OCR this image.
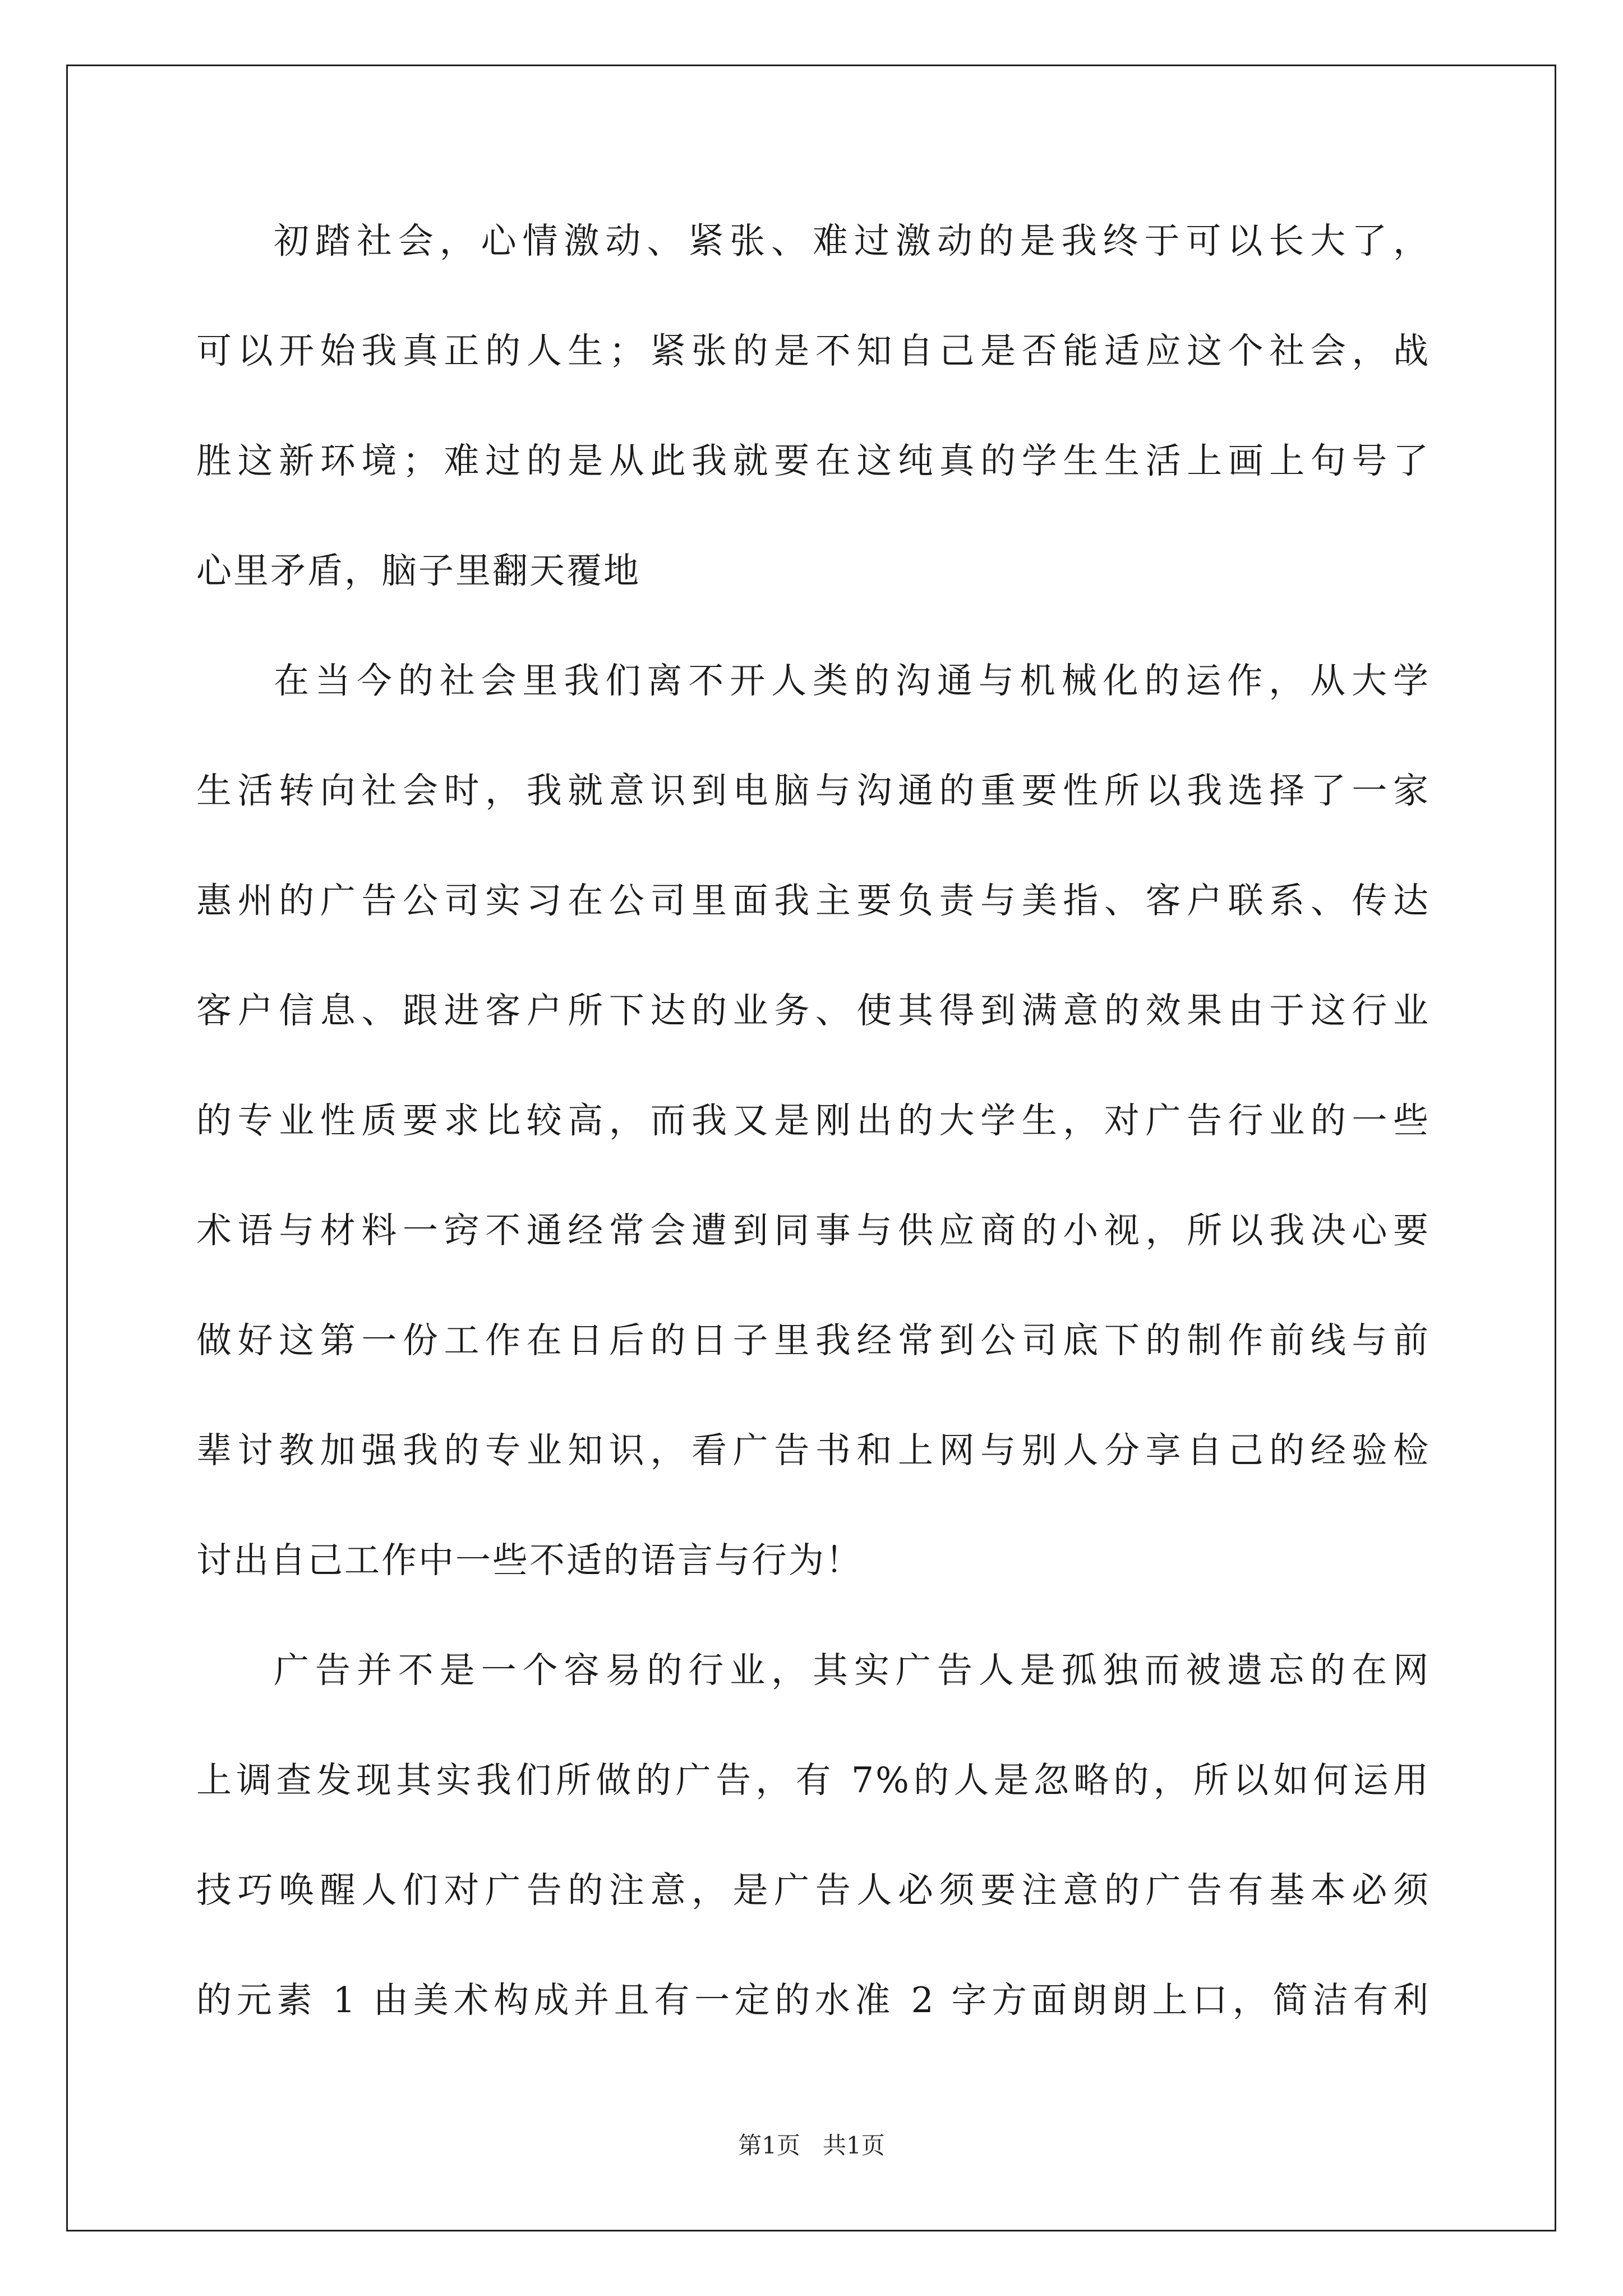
初踏社会，心情激动、紧张、难过激动的是我终于可以长大了，
可以开始我真正的人生；紧张的是不知自己是否能适应这个社会，战
胜这新环境；难过的是从此我就要在这纯真的学生生活上画上句号了
心里矛盾，脑子里翻天覆地
在当今的社会里我们离不开人类的沟通与机械化的运作，从大学
生活转向社会时，我就意识到电脑与沟通的重要性所以我选择了一家
惠州的广告公司实习在公司里面我主要负责与美指、客户联系、传达
客户信息、跟进客户所下达的业务、使其得到满意的效果由于这行业
的专业性质要求比较高，而我又是刚出的大学生，对广告行业的一些
术语与材料一窍不通经常会遭到同事与供应商的小视，所以我决心要
做好这第一份工作在日后的日子里我经常到公司底下的制作前线与前
辈讨教加强我的专业知识，看广告书和上网与别人分享自己的经验检
讨出自己工作中一些不适的语言与行为！
广告并不是一个容易的行业，其实广告人是孤独而被遗忘的在网
上调查发现其实我们所做的广告，有 7%的人是忽略的，所以如何运用
技巧唤醒人们对广告的注意，是广告人必须要注意的广告有基本必须
的元素 1 由美术构成并且有一定的水准 2 字方面朗朗上口，简洁有利
第1页 共1页
